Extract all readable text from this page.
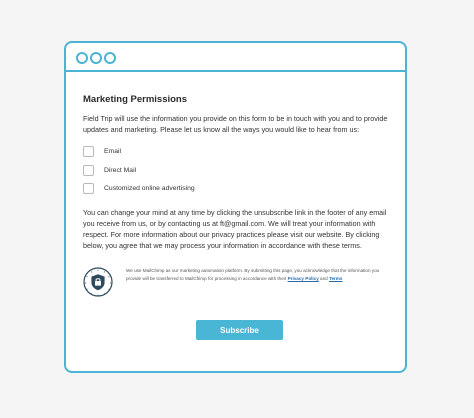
Marketing Permissions
Field Trip will use the information you provide on this form to be in touch with you and to provide updates and marketing. Please let us know all the ways you would like to hear from us:
Email
Direct Mail
Customized online advertising
You can change your mind at any time by clicking the unsubscribe link in the footer of any email you receive from us, or by contacting us at ft@gmail.com. We will treat your information with respect. For more information about our privacy practices please visit our website. By clicking below, you agree that we may process your information in accordance with these terms.
We use MailChimp as our marketing automation platform. By submitting this page, you acknowledge that the information you provide will be transferred to MailChimp for processing in accordance with their Privacy Policy and Terms
Subscribe
